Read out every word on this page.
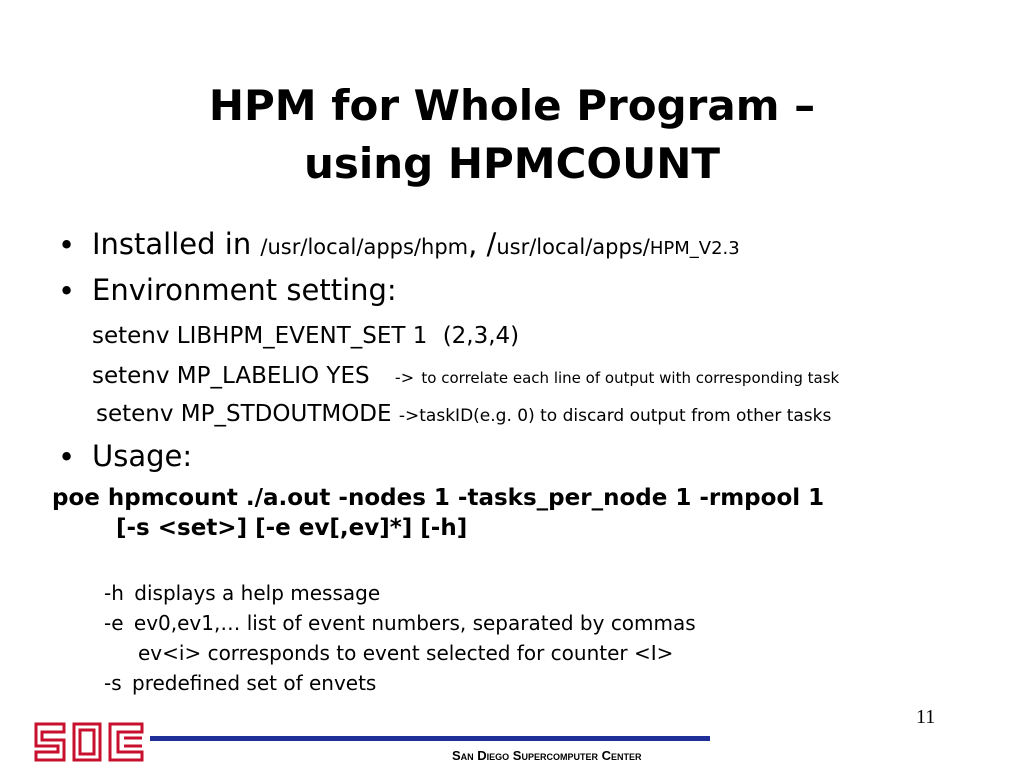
HPM for Whole Program –
using HPMCOUNT
• Installed in /usr/local/apps/hpm, /usr/local/apps/HPM_V2.3
• Environment setting:
setenv LIBHPM_EVENT_SET 1 (2,3,4)
setenv MP_LABELIO YES -> to correlate each line of output with corresponding task
setenv MP_STDOUTMODE ->taskID(e.g. 0) to discard output from other tasks
• Usage:
poe hpmcount ./a.out -nodes 1 -tasks_per_node 1 -rmpool 1
[-s <set>] [-e ev[,ev]*] [-h]
-h displays a help message
-e ev0,ev1,… list of event numbers, separated by commas
ev<i> corresponds to event selected for counter <I>
-s predefined set of envets
11
San Diego Supercomputer Center
